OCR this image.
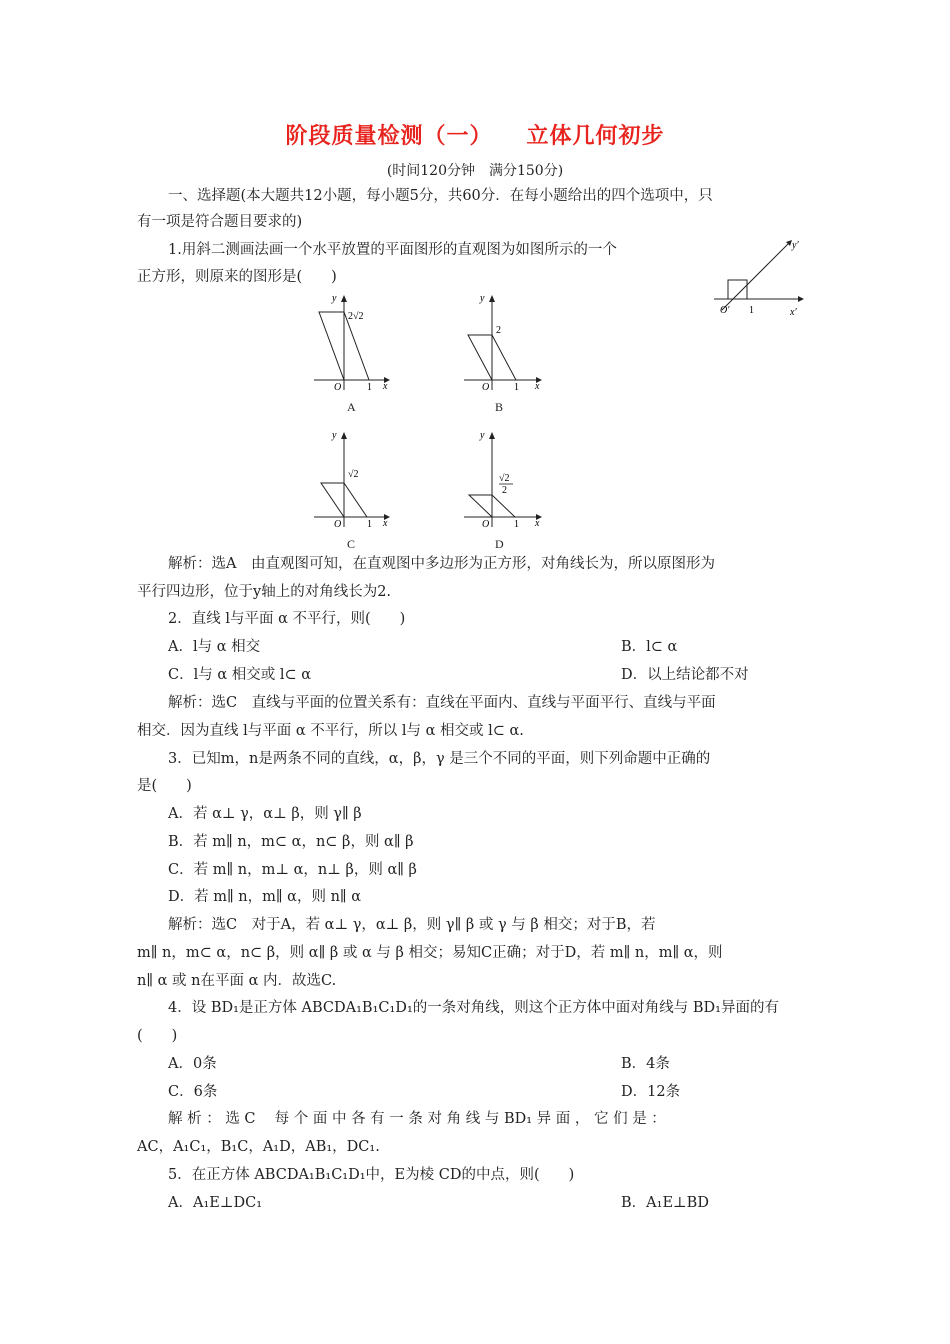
阶段质量检测（一） 立体几何初步
(时间120分钟　满分150分)
一、选择题(本大题共12小题，每小题5分，共60分．在每小题给出的四个选项中，只
有一项是符合题目要求的)
1.用斜二测画法画一个水平放置的平面图形的直观图为如图所示的一个
正方形，则原来的图形是(　　)
y′
O′ 1	x′
y
2√2
O	1 x
A
y
2
O 1 x
B
y
√2
O	1 x
C
y
√2
2
O 1 x
D
解析：选A　由直观图可知，在直观图中多边形为正方形，对角线长为，所以原图形为
平行四边形，位于y轴上的对角线长为2.
2．直线 l与平面 α 不平行，则(　　)
A．l与 α 相交	B．l⊂ α
C．l与 α 相交或 l⊂ α	D．以上结论都不对
解析：选C　直线与平面的位置关系有：直线在平面内、直线与平面平行、直线与平面
相交．因为直线 l与平面 α 不平行，所以 l与 α 相交或 l⊂ α.
3．已知m，n是两条不同的直线，α，β，γ 是三个不同的平面，则下列命题中正确的
是(　　)
A．若 α⊥ γ，α⊥ β，则 γ∥ β
B．若 m∥ n，m⊂ α，n⊂ β，则 α∥ β
C．若 m∥ n，m⊥ α，n⊥ β，则 α∥ β
D．若 m∥ n，m∥ α，则 n∥ α
解析：选C　对于A，若 α⊥ γ，α⊥ β，则 γ∥ β 或 γ 与 β 相交；对于B，若
m∥ n，m⊂ α，n⊂ β，则 α∥ β 或 α 与 β 相交；易知C正确；对于D，若 m∥ n，m∥ α，则
n∥ α 或 n在平面 α 内．故选C.
4．设 BD₁是正方体 ABCDA₁B₁C₁D₁的一条对角线，则这个正方体中面对角线与 BD₁异面的有
(　　)
A．0条	B．4条
C．6条	D．12条
解 析 ： 选 C　 每 个 面 中 各 有 一 条 对 角 线 与 BD₁ 异 面 ， 它 们 是 ：
AC，A₁C₁，B₁C，A₁D，AB₁，DC₁.
5．在正方体 ABCDA₁B₁C₁D₁中，E为棱 CD的中点，则(　　)
A．A₁E⊥DC₁	B．A₁E⊥BD
